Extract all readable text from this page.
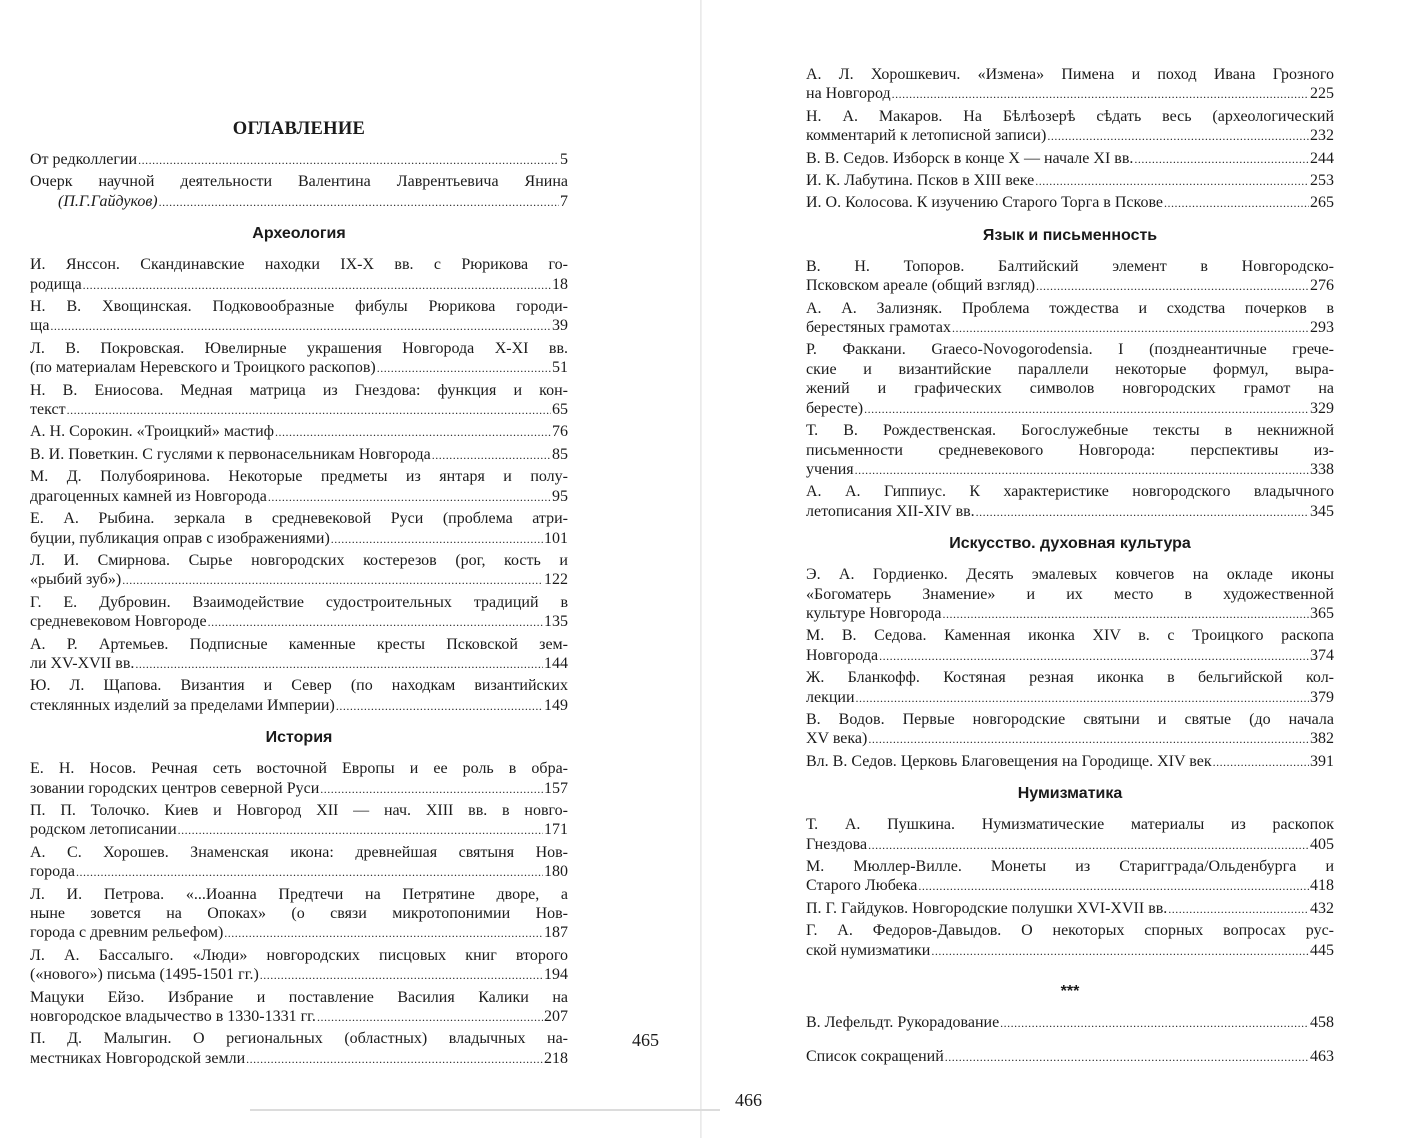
ОГЛАВЛЕНИЕ
От редколлегии .....	5
Очерк научной деятельности Валентина Лаврентьевича Янина
(П.Г.Гайдуков) .....	7
Археология
И. Янссон. Скандинавские находки IX-X вв. с Рюрикова го-
родища .....	18
Н. В. Хвощинская. Подковообразные фибулы Рюрикова городи-
ща .....	39
Л. В. Покровская. Ювелирные украшения Новгорода X-XI вв.
(по материалам Неревского и Троицкого раскопов) .....	51
Н. В. Ениосова. Медная матрица из Гнездова: функция и кон-
текст .....	65
А. Н. Сорокин. «Троицкий» мастиф .....	76
В. И. Поветкин. С гуслями к первонасельникам Новгорода .....	85
М. Д. Полубояринова. Некоторые предметы из янтаря и полу-
драгоценных камней из Новгорода .....	95
Е. А. Рыбина. зеркала в средневековой Руси (проблема атри-
буции, публикация оправ с изображениями) .....	101
Л. И. Смирнова. Сырье новгородских костерезов (рог, кость и
«рыбий зуб») .....	122
Г. Е. Дубровин. Взаимодействие судостроительных традиций в
средневековом Новгороде .....	135
А. Р. Артемьев. Подписные каменные кресты Псковской зем-
ли XV-XVII вв. .....	144
Ю. Л. Щапова. Византия и Север (по находкам византийских
стеклянных изделий за пределами Империи) .....	149
История
Е. Н. Носов. Речная сеть восточной Европы и ее роль в обра-
зовании городских центров северной Руси .....	157
П. П. Толочко. Киев и Новгород XII — нач. XIII вв. в новго-
родском летописании .....	171
А. С. Хорошев. Знаменская икона: древнейшая святыня Нов-
города .....	180
Л. И. Петрова. «...Иоанна Предтечи на Петрятине дворе, а
ныне зовется на Опоках» (о связи микротопонимии Нов-
города с древним рельефом) .....	187
Л. А. Бассалыго. «Люди» новгородских писцовых книг второго
(«нового») письма (1495-1501 гг.) .....	194
Мацуки Ейзо. Избрание и поставление Василия Калики на
новгородское владычество в 1330-1331 гг. .....	207
П. Д. Малыгин. О региональных (областных) владычных на-
местниках Новгородской земли .....	218
465
А. Л. Хорошкевич. «Измена» Пимена и поход Ивана Грозного
на Новгород .....	225
Н. А. Макаров. На Бѣлѣозерѣ сѣдать весь (археологический
комментарий к летописной записи) .....	232
В. В. Седов. Изборск в конце X — начале XI вв. .....	244
И. К. Лабутина. Псков в XIII веке .....	253
И. О. Колосова. К изучению Старого Торга в Пскове .....	265
Язык и письменность
В. Н. Топоров. Балтийский элемент в Новгородско-
Псковском ареале (общий взгляд) .....	276
А. А. Зализняк. Проблема тождества и сходства почерков в
берестяных грамотах .....	293
Р. Факкани. Graeco-Novogorodensia. I (позднеантичные грече-
ские и византийские параллели некоторые формул, выра-
жений и графических символов новгородских грамот на
бересте) .....	329
Т. В. Рождественская. Богослужебные тексты в некнижной
письменности средневекового Новгорода: перспективы из-
учения .....	338
А. А. Гиппиус. К характеристике новгородского владычного
летописания XII-XIV вв. .....	345
Искусство. духовная культура
Э. А. Гордиенко. Десять эмалевых ковчегов на окладе иконы
«Богоматерь Знамение» и их место в художественной
культуре Новгорода .....	365
М. В. Седова. Каменная иконка XIV в. с Троицкого раскопа
Новгорода .....	374
Ж. Бланкофф. Костяная резная иконка в бельгийской кол-
лекции .....	379
В. Водов. Первые новгородские святыни и святые (до начала
XV века) .....	382
Вл. В. Седов. Церковь Благовещения на Городище. XIV век .....	391
Нумизматика
Т. А. Пушкина. Нумизматические материалы из раскопок
Гнездова .....	405
М. Мюллер-Вилле. Монеты из Старигграда/Ольденбурга и
Старого Любека .....	418
П. Г. Гайдуков. Новгородские полушки XVI-XVII вв. .....	432
Г. А. Федоров-Давыдов. О некоторых спорных вопросах рус-
ской нумизматики .....	445
***
В. Лефельдт. Рукорадование .....	458
Список сокращений .....	463
466
